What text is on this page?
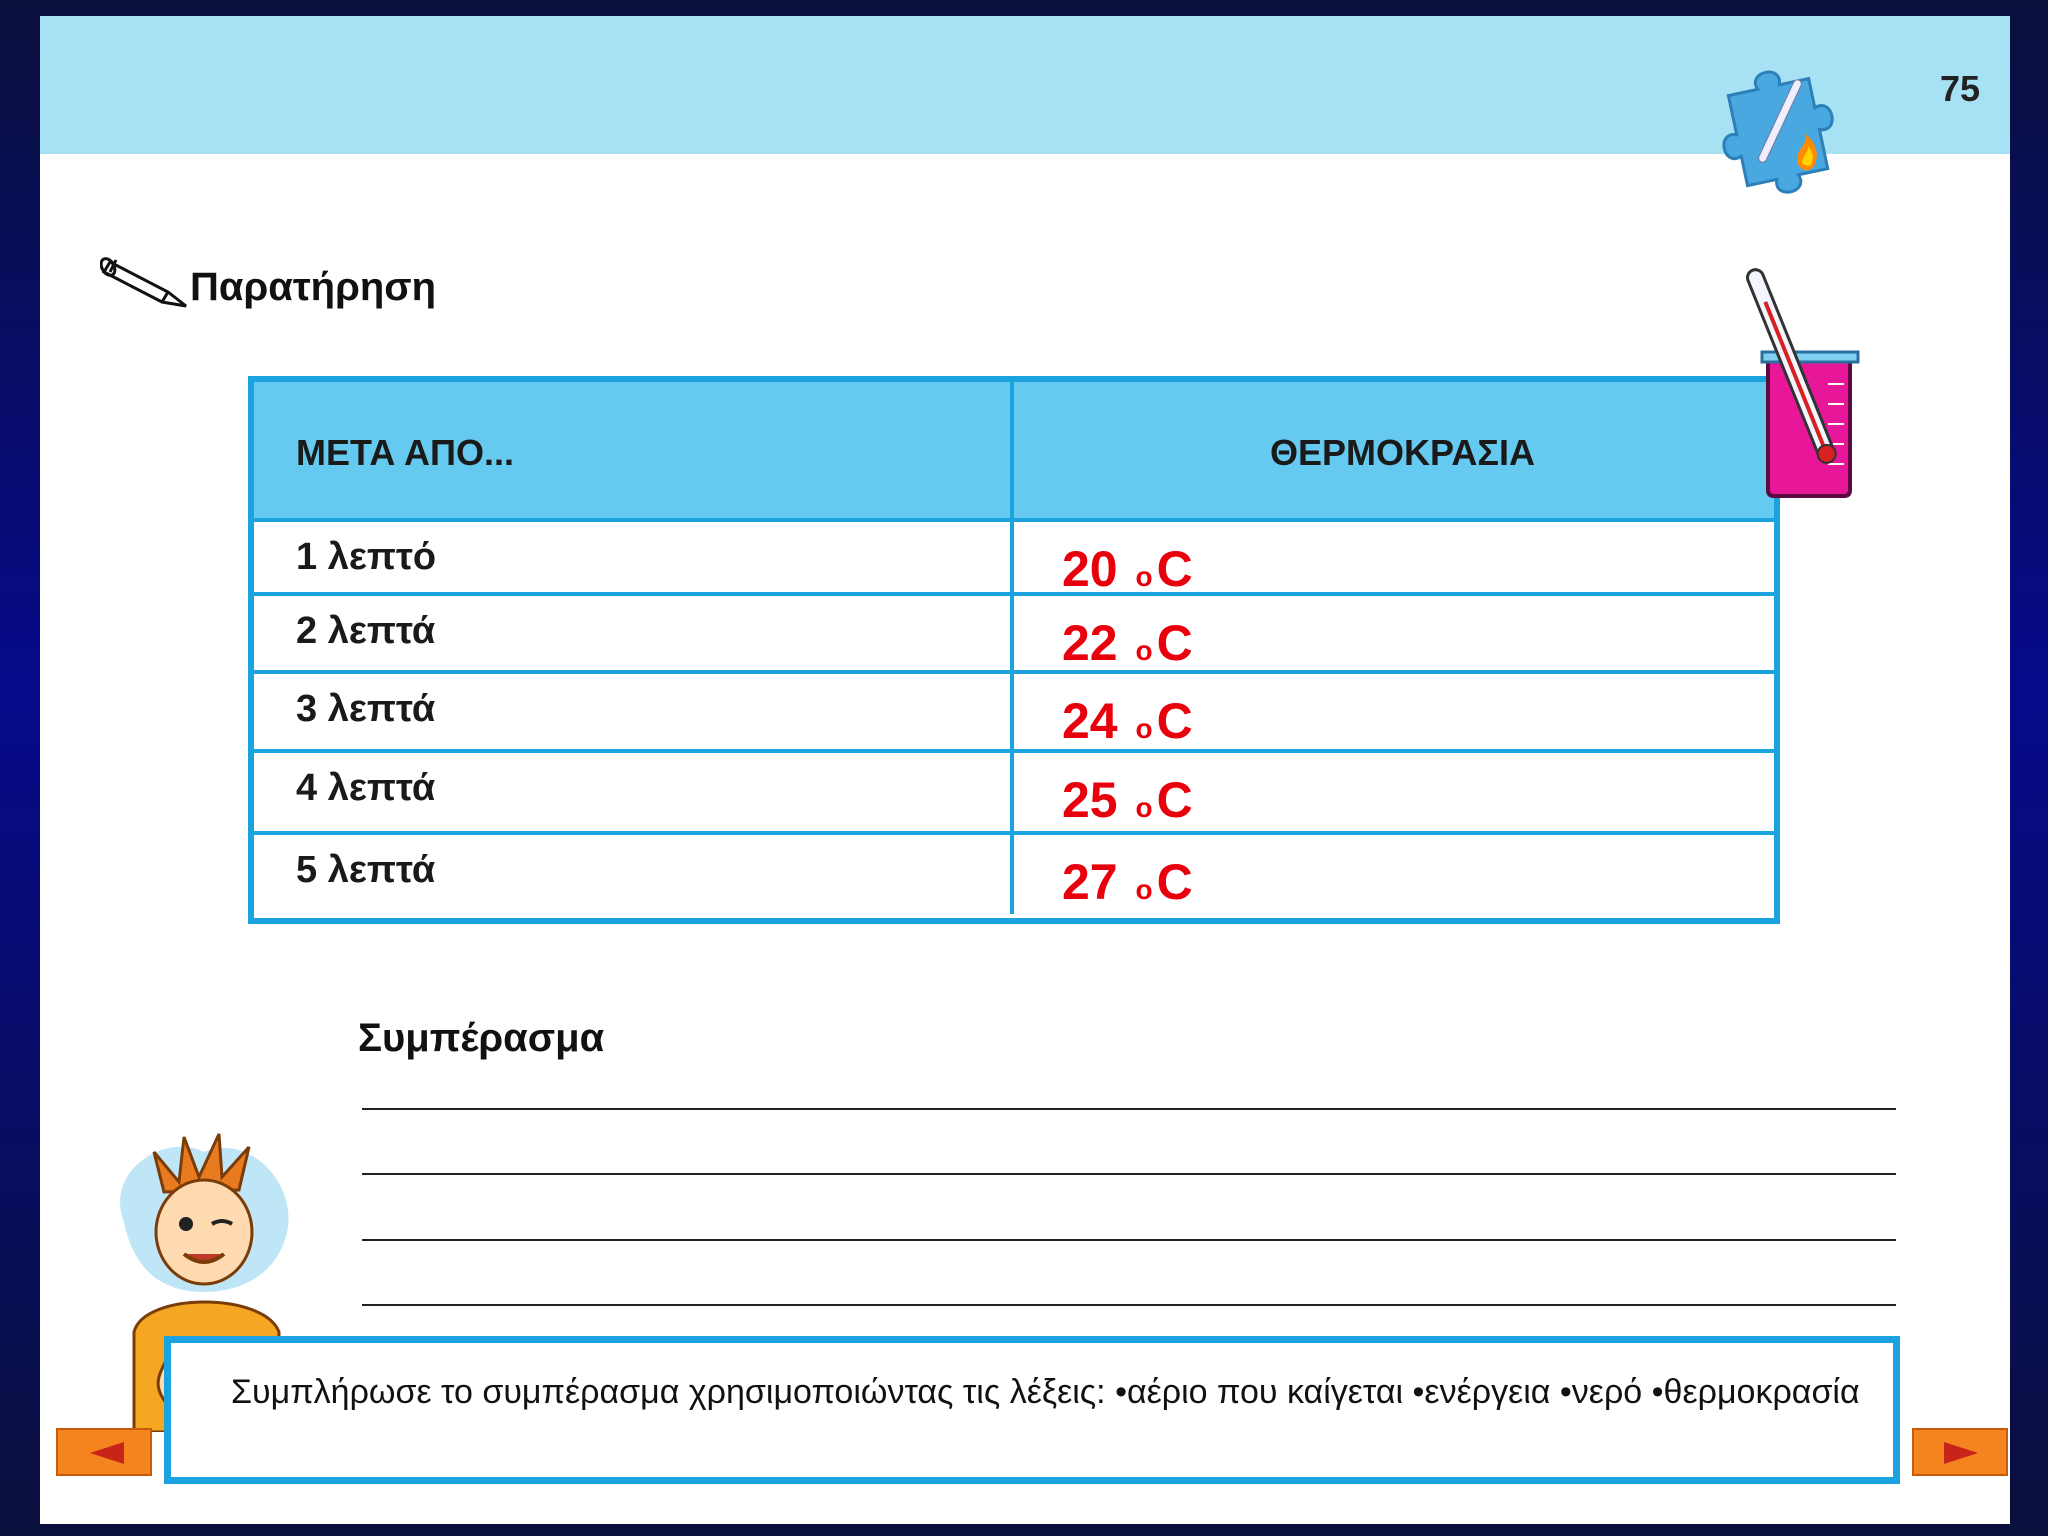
75
Παρατήρηση
ΜΕΤΑ ΑΠΟ...	ΘΕΡΜΟΚΡΑΣΙΑ
1 λεπτό	20 oC
2 λεπτά	22 oC
3 λεπτά	24 oC
4 λεπτά	25 oC
5 λεπτά	27 oC
Συμπέρασμα

Συμπλήρωσε το συμπέρασμα χρησιμοποιώντας τις λέξεις: •αέριο που καίγεται •ενέργεια •νερό •θερμοκρασία
